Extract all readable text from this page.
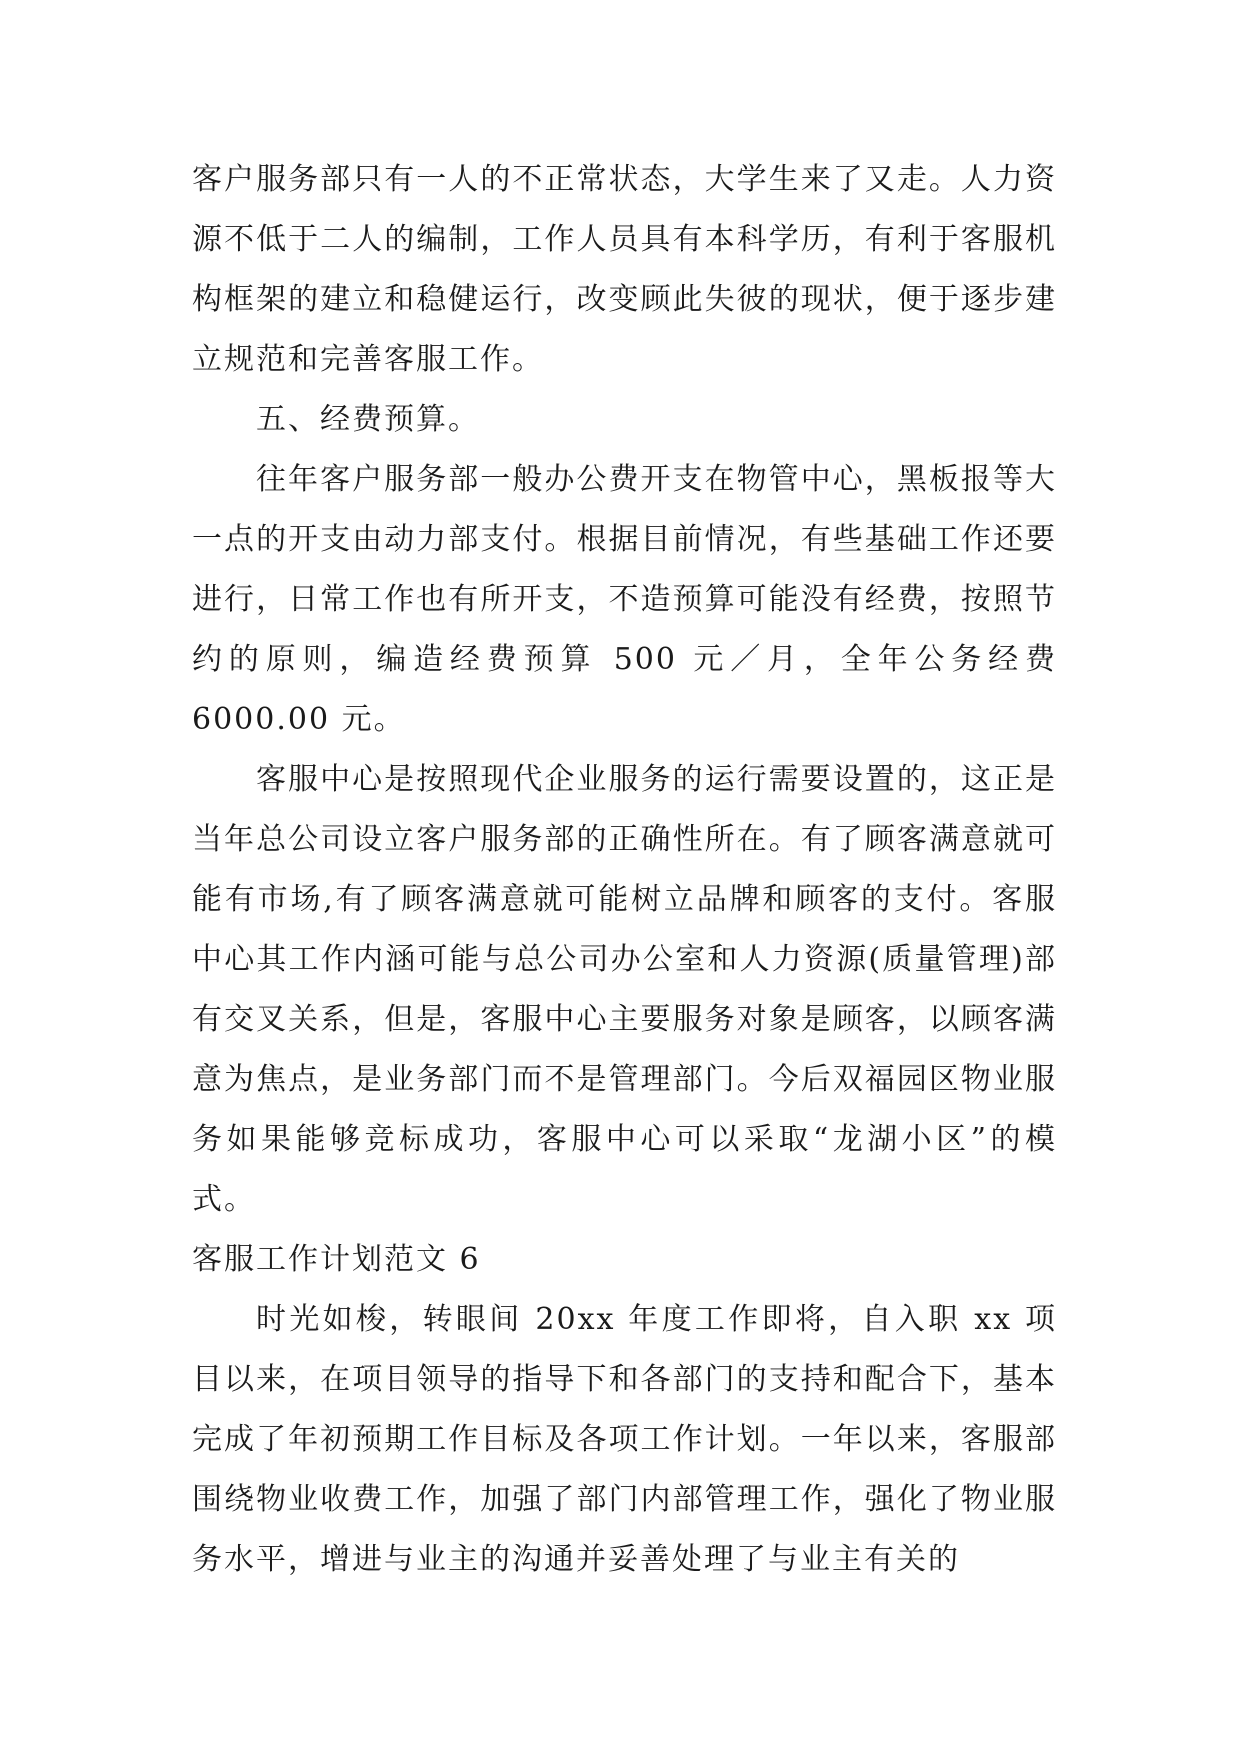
客户服务部只有一人的不正常状态，大学生来了又走。人力资源不低于二人的编制，工作人员具有本科学历，有利于客服机构框架的建立和稳健运行，改变顾此失彼的现状，便于逐步建立规范和完善客服工作。

五、经费预算。

往年客户服务部一般办公费开支在物管中心，黑板报等大一点的开支由动力部支付。根据目前情况，有些基础工作还要进行，日常工作也有所开支，不造预算可能没有经费，按照节约的原则，编造经费预算 500 元／月，全年公务经费 6000.00 元。

客服中心是按照现代企业服务的运行需要设置的，这正是当年总公司设立客户服务部的正确性所在。有了顾客满意就可能有市场,有了顾客满意就可能树立品牌和顾客的支付。客服中心其工作内涵可能与总公司办公室和人力资源(质量管理)部有交叉关系，但是，客服中心主要服务对象是顾客，以顾客满意为焦点，是业务部门而不是管理部门。今后双福园区物业服务如果能够竞标成功，客服中心可以采取“龙湖小区”的模式。

客服工作计划范文 6

时光如梭，转眼间 20xx 年度工作即将，自入职 xx 项目以来，在项目领导的指导下和各部门的支持和配合下，基本完成了年初预期工作目标及各项工作计划。一年以来，客服部围绕物业收费工作，加强了部门内部管理工作，强化了物业服务水平，增进与业主的沟通并妥善处理了与业主有关的
